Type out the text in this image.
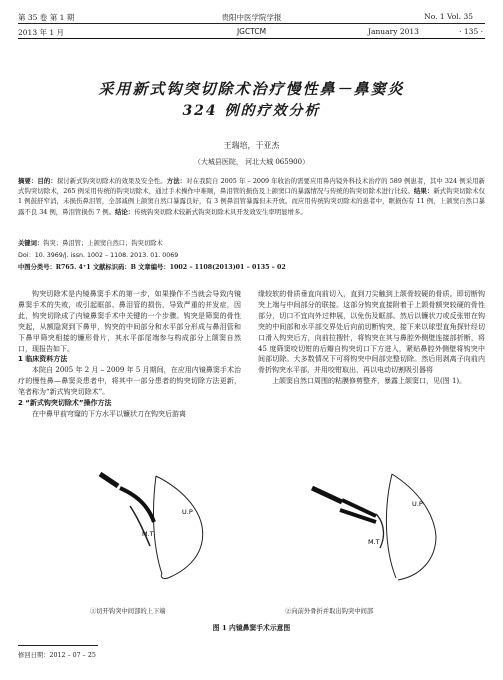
第 35 卷 第 1 期	贵阳中医学院学报	No. 1 Vol. 35
2013 年 1 月	JGCTCM	January 2013	· 135 ·
采用新式钩突切除术治疗慢性鼻－鼻窦炎
324 例的疗效分析
王瑞培，于亚杰
（大城县医院， 河北大城 065900）
摘要：目的：探讨新式钩突切除术的效果及安全性。方法：对在我院自 2005 年 – 2009 年收治的需要应用鼻内镜外科技术治疗的 589 例患者，其中 324 例采用新式钩突切除术，265 例采用传统的钩突切除术，通过手术操作中难顺，鼻泪管的损伤及上颌窦口的暴露情况与传统的钩突切除术进行比较。结果：新式钩突切除术仅 1 例鼓舒窄消，未损伤鼻泪管，全部减例上颌窦自然口暴露良好，有 3 例鼻泪管暴露但未开放。而应用传统钩突切除术的患者中，眶损伤有 11 例，上颌窦自然口暴露不良 34 例，鼻泪管损伤 7 例。结论：传统钩突切除术较新式钩突切除术具开发效安生率明显增多。
关键词：钩突；鼻泪管；上颌窦自然口；钩突切除术
Doi：10. 3969/j. issn. 1002 – 1108. 2013. 01. 0069
中图分类号：R765. 4⁺1 文献标识码：B 文章编号：1002 – 1108(2013)01 – 0135 – 02

钩突切除术是内镜鼻窦手术的第一步，如果操作不当就会导致内镜鼻窦手术的失败，或引起眶部、鼻泪管的损伤，导致严重的并发症，因此，钩突切除成了内镜鼻窦手术中关键的一个步骤。钩突是筛窦的骨性突起，从额隐窝到下鼻甲，钩突的中间部分和水平部分形成与鼻泪管和下鼻甲筛突相接的镰形骨片，其水平部尾端参与构成部分上颌窦自然口，现报告如下。

1 临床资料方法

本院自 2005 年 2 月 – 2009 年 5 月期间，在应用内镜鼻窦手术治疗的慢性鼻—鼻窦炎患者中，将其中一部分患者的钩突切除方法更新，笔者称为“新式钩突切除术”。

2 “新式钩突切除术”操作方法

在中鼻甲前穹窿的下方水平以镰状刀在钩突后游离

缘较软的骨质垂直向前切入，直到刀尖触到上颌骨较硬的骨质。即切断钩突上端与中间部分的联接。这部分钩突直接附着于上颌骨额突较硬的骨性部分，切口不宜向外过伸展，以免伤及眶部。然后以镰状刀或反张钳在钩突的中间部和水平部交界处后向前切断钩突，接下来以球型直角探针经切口滑入钩突后方，向前拉搜针，将钩突在其与鼻腔外侧壁连接部折断，将 45 度筛窦咬切钳的后瓣自钩突切口下方进入，紧贴鼻腔外侧壁将钩突中间部切除。大多数情况下可将钩突中间部完整切除。然后用剥离子向前内骨折钩突水平部，并用咬钳取出，再以电动切割吸引器将

上颌窦自然口周围的粘膜修剪整齐，暴露上颌窦口，见(图 1)。

U.P
M.T
U.P
M.T
①切开钩突中间部的上下端	②向前外骨折并取出钩突中间部
图 1 内镜鼻窦手术示意图
修回日期：2012 – 07 – 25
